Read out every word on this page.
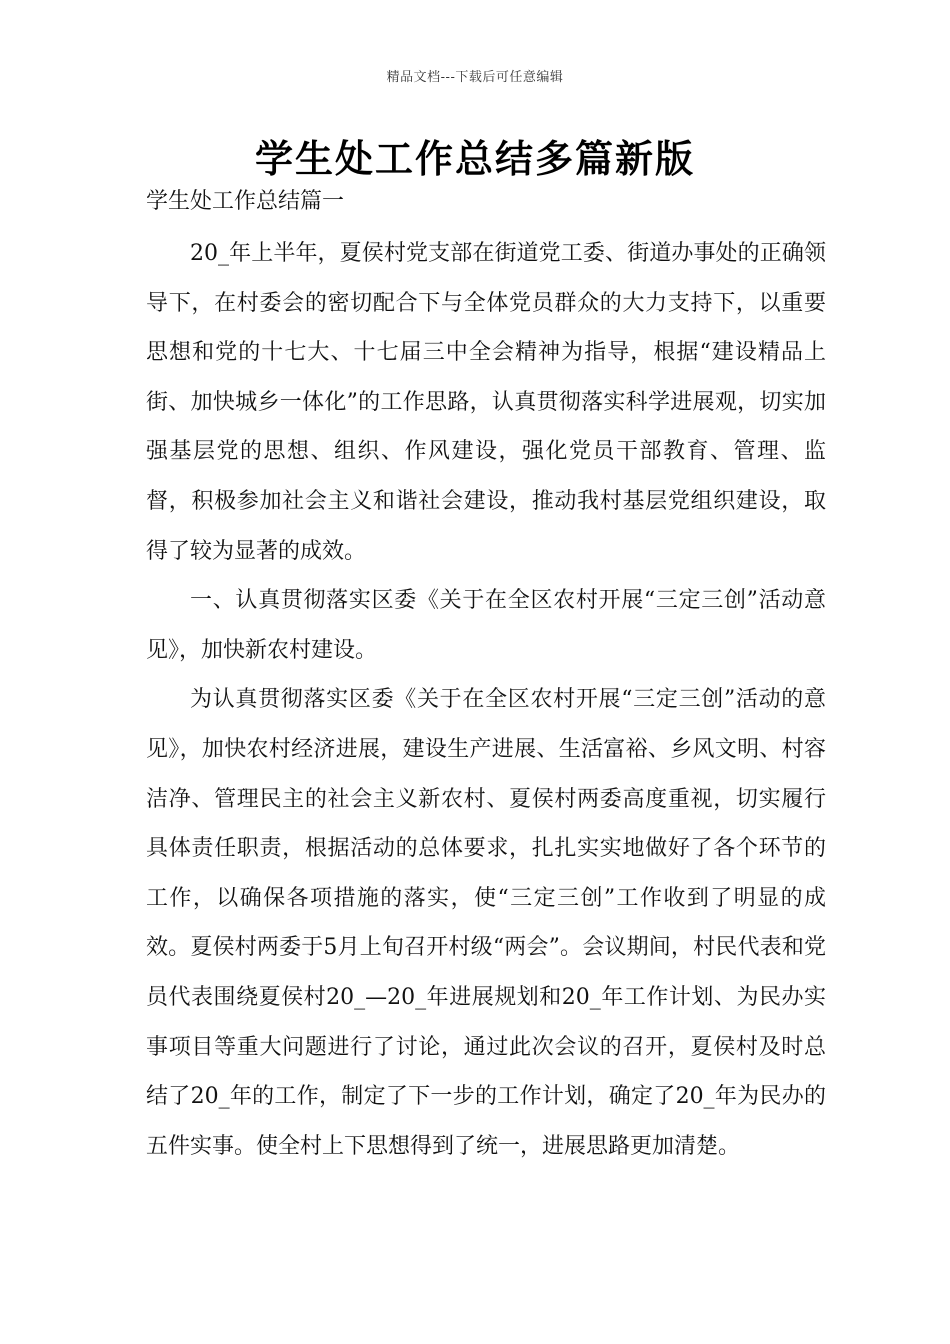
精品文档---下载后可任意编辑
学生处工作总结多篇新版
学生处工作总结篇一

20_年上半年，夏侯村党支部在街道党工委、街道办事处的正确领导下，在村委会的密切配合下与全体党员群众的大力支持下，以重要思想和党的十七大、十七届三中全会精神为指导，根据“建设精品上街、加快城乡一体化”的工作思路，认真贯彻落实科学进展观，切实加强基层党的思想、组织、作风建设，强化党员干部教育、管理、监督，积极参加社会主义和谐社会建设，推动我村基层党组织建设，取得了较为显著的成效。

一、认真贯彻落实区委《关于在全区农村开展“三定三创”活动意见》，加快新农村建设。

为认真贯彻落实区委《关于在全区农村开展“三定三创”活动的意见》，加快农村经济进展，建设生产进展、生活富裕、乡风文明、村容洁净、管理民主的社会主义新农村、夏侯村两委高度重视，切实履行具体责任职责，根据活动的总体要求，扎扎实实地做好了各个环节的工作，以确保各项措施的落实，使“三定三创”工作收到了明显的成效。夏侯村两委于5月上旬召开村级“两会”。会议期间，村民代表和党员代表围绕夏侯村20_—20_年进展规划和20_年工作计划、为民办实事项目等重大问题进行了讨论，通过此次会议的召开，夏侯村及时总结了20_年的工作，制定了下一步的工作计划，确定了20_年为民办的五件实事。使全村上下思想得到了统一，进展思路更加清楚。
